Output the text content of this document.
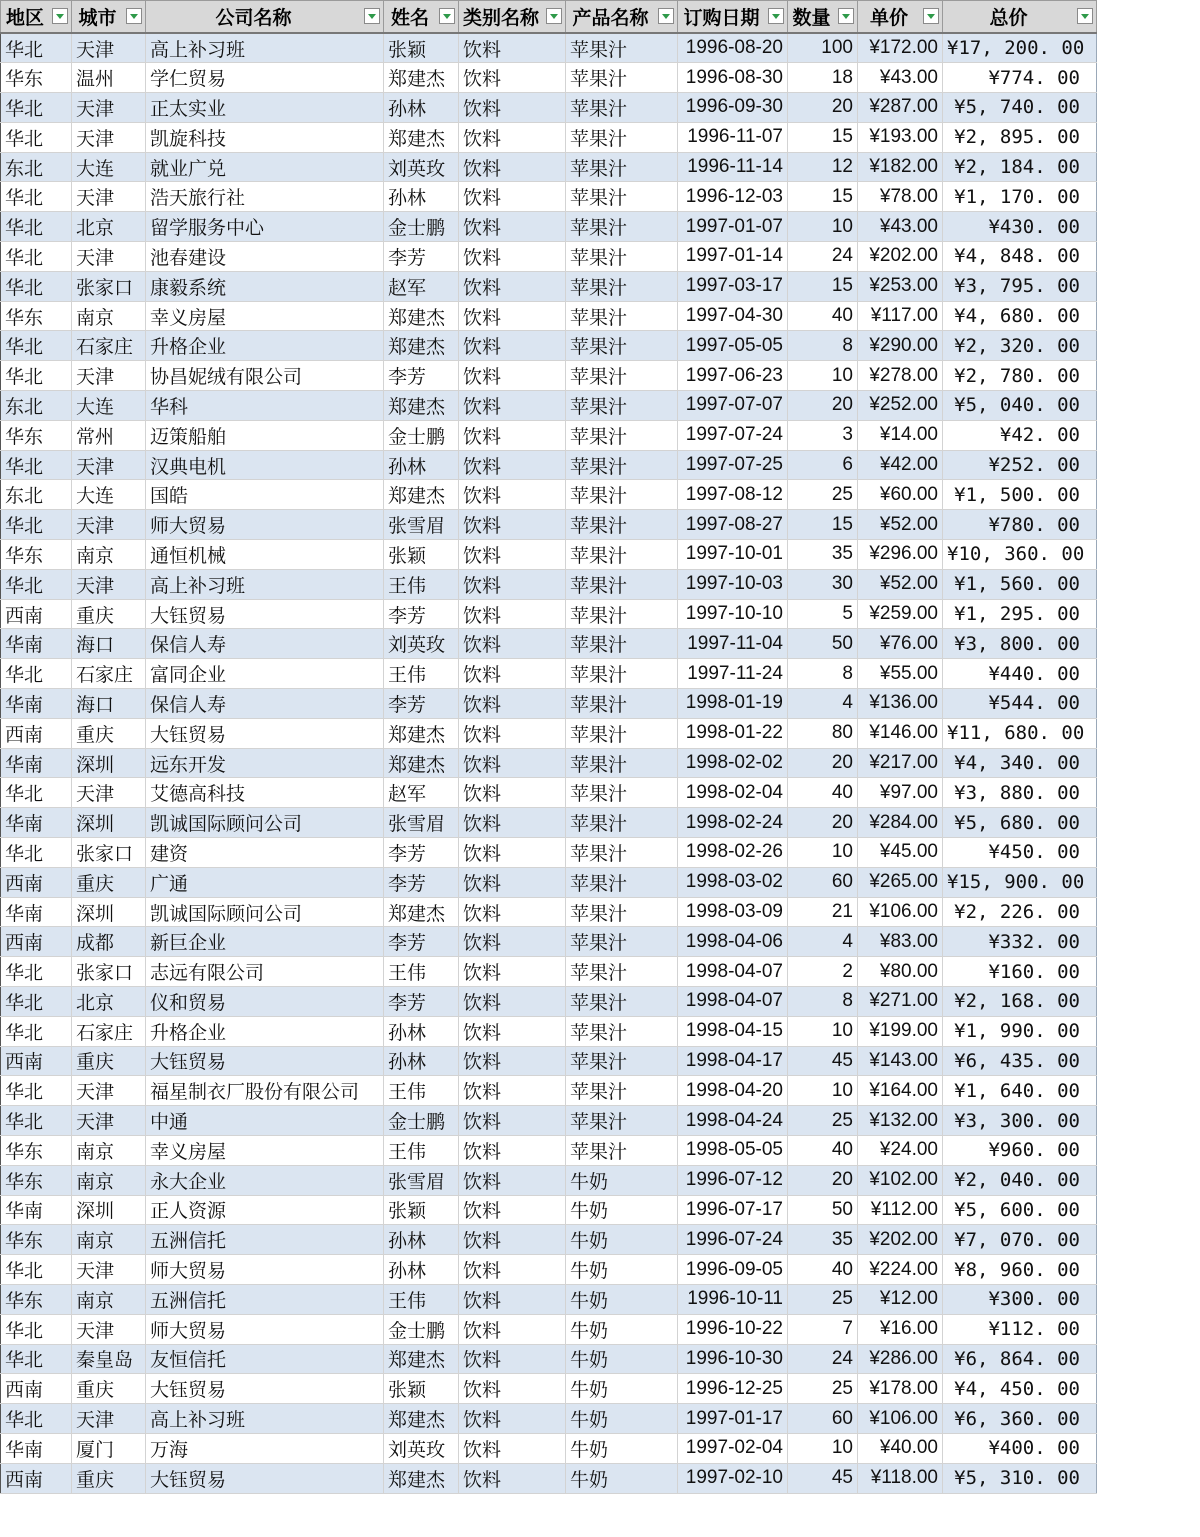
地区	城市	公司名称	姓名	类别名称	产品名称	订购日期	数量	单价	总价

华北	天津	高上补习班	张颖	饮料	苹果汁	1996-08-20	100	¥172.00	¥17, 200. 00
华东	温州	学仁贸易	郑建杰	饮料	苹果汁	1996-08-30	18	¥43.00	¥774. 00
华北	天津	正太实业	孙林	饮料	苹果汁	1996-09-30	20	¥287.00	¥5, 740. 00
华北	天津	凯旋科技	郑建杰	饮料	苹果汁	1996-11-07	15	¥193.00	¥2, 895. 00
东北	大连	就业广兑	刘英玫	饮料	苹果汁	1996-11-14	12	¥182.00	¥2, 184. 00
华北	天津	浩天旅行社	孙林	饮料	苹果汁	1996-12-03	15	¥78.00	¥1, 170. 00
华北	北京	留学服务中心	金士鹏	饮料	苹果汁	1997-01-07	10	¥43.00	¥430. 00
华北	天津	池春建设	李芳	饮料	苹果汁	1997-01-14	24	¥202.00	¥4, 848. 00
华北	张家口	康毅系统	赵军	饮料	苹果汁	1997-03-17	15	¥253.00	¥3, 795. 00
华东	南京	幸义房屋	郑建杰	饮料	苹果汁	1997-04-30	40	¥117.00	¥4, 680. 00
华北	石家庄	升格企业	郑建杰	饮料	苹果汁	1997-05-05	8	¥290.00	¥2, 320. 00
华北	天津	协昌妮绒有限公司	李芳	饮料	苹果汁	1997-06-23	10	¥278.00	¥2, 780. 00
东北	大连	华科	郑建杰	饮料	苹果汁	1997-07-07	20	¥252.00	¥5, 040. 00
华东	常州	迈策船舶	金士鹏	饮料	苹果汁	1997-07-24	3	¥14.00	¥42. 00
华北	天津	汉典电机	孙林	饮料	苹果汁	1997-07-25	6	¥42.00	¥252. 00
东北	大连	国皓	郑建杰	饮料	苹果汁	1997-08-12	25	¥60.00	¥1, 500. 00
华北	天津	师大贸易	张雪眉	饮料	苹果汁	1997-08-27	15	¥52.00	¥780. 00
华东	南京	通恒机械	张颖	饮料	苹果汁	1997-10-01	35	¥296.00	¥10, 360. 00
华北	天津	高上补习班	王伟	饮料	苹果汁	1997-10-03	30	¥52.00	¥1, 560. 00
西南	重庆	大钰贸易	李芳	饮料	苹果汁	1997-10-10	5	¥259.00	¥1, 295. 00
华南	海口	保信人寿	刘英玫	饮料	苹果汁	1997-11-04	50	¥76.00	¥3, 800. 00
华北	石家庄	富同企业	王伟	饮料	苹果汁	1997-11-24	8	¥55.00	¥440. 00
华南	海口	保信人寿	李芳	饮料	苹果汁	1998-01-19	4	¥136.00	¥544. 00
西南	重庆	大钰贸易	郑建杰	饮料	苹果汁	1998-01-22	80	¥146.00	¥11, 680. 00
华南	深圳	远东开发	郑建杰	饮料	苹果汁	1998-02-02	20	¥217.00	¥4, 340. 00
华北	天津	艾德高科技	赵军	饮料	苹果汁	1998-02-04	40	¥97.00	¥3, 880. 00
华南	深圳	凯诚国际顾问公司	张雪眉	饮料	苹果汁	1998-02-24	20	¥284.00	¥5, 680. 00
华北	张家口	建资	李芳	饮料	苹果汁	1998-02-26	10	¥45.00	¥450. 00
西南	重庆	广通	李芳	饮料	苹果汁	1998-03-02	60	¥265.00	¥15, 900. 00
华南	深圳	凯诚国际顾问公司	郑建杰	饮料	苹果汁	1998-03-09	21	¥106.00	¥2, 226. 00
西南	成都	新巨企业	李芳	饮料	苹果汁	1998-04-06	4	¥83.00	¥332. 00
华北	张家口	志远有限公司	王伟	饮料	苹果汁	1998-04-07	2	¥80.00	¥160. 00
华北	北京	仪和贸易	李芳	饮料	苹果汁	1998-04-07	8	¥271.00	¥2, 168. 00
华北	石家庄	升格企业	孙林	饮料	苹果汁	1998-04-15	10	¥199.00	¥1, 990. 00
西南	重庆	大钰贸易	孙林	饮料	苹果汁	1998-04-17	45	¥143.00	¥6, 435. 00
华北	天津	福星制衣厂股份有限公司	王伟	饮料	苹果汁	1998-04-20	10	¥164.00	¥1, 640. 00
华北	天津	中通	金士鹏	饮料	苹果汁	1998-04-24	25	¥132.00	¥3, 300. 00
华东	南京	幸义房屋	王伟	饮料	苹果汁	1998-05-05	40	¥24.00	¥960. 00
华东	南京	永大企业	张雪眉	饮料	牛奶	1996-07-12	20	¥102.00	¥2, 040. 00
华南	深圳	正人资源	张颖	饮料	牛奶	1996-07-17	50	¥112.00	¥5, 600. 00
华东	南京	五洲信托	孙林	饮料	牛奶	1996-07-24	35	¥202.00	¥7, 070. 00
华北	天津	师大贸易	孙林	饮料	牛奶	1996-09-05	40	¥224.00	¥8, 960. 00
华东	南京	五洲信托	王伟	饮料	牛奶	1996-10-11	25	¥12.00	¥300. 00
华北	天津	师大贸易	金士鹏	饮料	牛奶	1996-10-22	7	¥16.00	¥112. 00
华北	秦皇岛	友恒信托	郑建杰	饮料	牛奶	1996-10-30	24	¥286.00	¥6, 864. 00
西南	重庆	大钰贸易	张颖	饮料	牛奶	1996-12-25	25	¥178.00	¥4, 450. 00
华北	天津	高上补习班	郑建杰	饮料	牛奶	1997-01-17	60	¥106.00	¥6, 360. 00
华南	厦门	万海	刘英玫	饮料	牛奶	1997-02-04	10	¥40.00	¥400. 00
西南	重庆	大钰贸易	郑建杰	饮料	牛奶	1997-02-10	45	¥118.00	¥5, 310. 00
